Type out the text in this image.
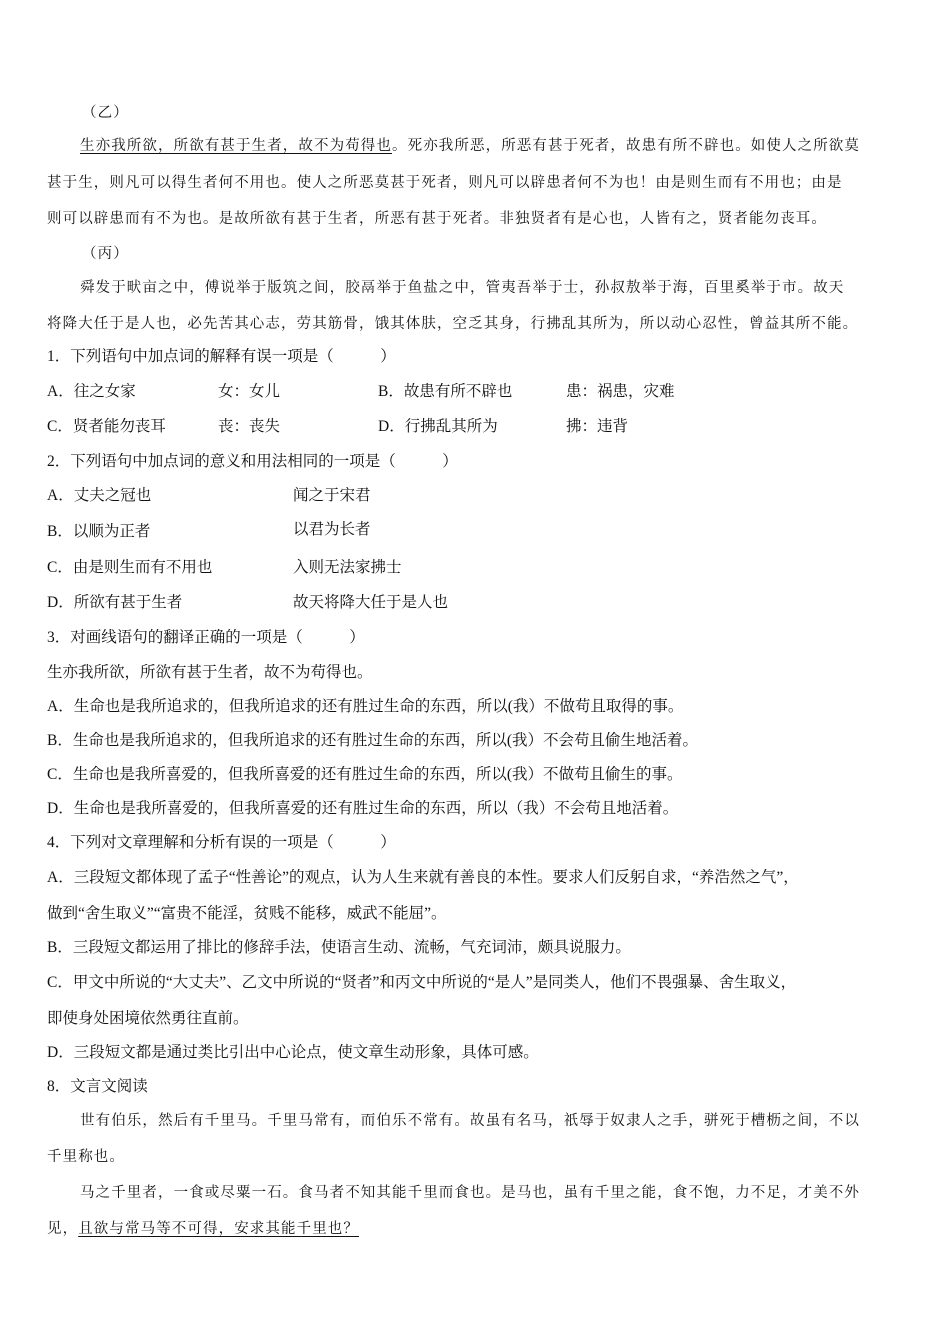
（乙）
生亦我所欲，所欲有甚于生者，故不为苟得也。死亦我所恶，所恶有甚于死者，故患有所不辟也。如使人之所欲莫
甚于生，则凡可以得生者何不用也。使人之所恶莫甚于死者，则凡可以辟患者何不为也！由是则生而有不用也；由是
则可以辟患而有不为也。是故所欲有甚于生者，所恶有甚于死者。非独贤者有是心也，人皆有之，贤者能勿丧耳。
（丙）
舜发于畎亩之中，傅说举于版筑之间，胶鬲举于鱼盐之中，管夷吾举于士，孙叔敖举于海，百里奚举于市。故天
将降大任于是人也，必先苦其心志，劳其筋骨，饿其体肤，空乏其身，行拂乱其所为，所以动心忍性，曾益其所不能。
1．下列语句中加点词的解释有误一项是（　　　）
A．往之女家	女：女儿	B．故患有所不辟也	患：祸患，灾难
C．贤者能勿丧耳	丧：丧失	D．行拂乱其所为	拂：违背
2．下列语句中加点词的意义和用法相同的一项是（　　　）
A．丈夫之冠也	闻之于宋君
B．以顺为正者	以君为长者
C．由是则生而有不用也	入则无法家拂士
D．所欲有甚于生者	故天将降大任于是人也
3．对画线语句的翻译正确的一项是（　　　）
生亦我所欲，所欲有甚于生者，故不为苟得也。
A．生命也是我所追求的，但我所追求的还有胜过生命的东西，所以(我）不做苟且取得的事。
B．生命也是我所追求的，但我所追求的还有胜过生命的东西，所以(我）不会苟且偷生地活着。
C．生命也是我所喜爱的，但我所喜爱的还有胜过生命的东西，所以(我）不做苟且偷生的事。
D．生命也是我所喜爱的，但我所喜爱的还有胜过生命的东西，所以（我）不会苟且地活着。
4．下列对文章理解和分析有误的一项是（　　　）
A．三段短文都体现了孟子“性善论”的观点，认为人生来就有善良的本性。要求人们反躬自求，“养浩然之气”，
做到“舍生取义”“富贵不能淫，贫贱不能移，威武不能屈”。
B．三段短文都运用了排比的修辞手法，使语言生动、流畅，气充词沛，颇具说服力。
C．甲文中所说的“大丈夫”、乙文中所说的“贤者”和丙文中所说的“是人”是同类人，他们不畏强暴、舍生取义，
即使身处困境依然勇往直前。
D．三段短文都是通过类比引出中心论点，使文章生动形象，具体可感。
8．文言文阅读
世有伯乐，然后有千里马。千里马常有，而伯乐不常有。故虽有名马，祇辱于奴隶人之手，骈死于槽枥之间，不以
千里称也。
马之千里者，一食或尽粟一石。食马者不知其能千里而食也。是马也，虽有千里之能，食不饱，力不足，才美不外
见，且欲与常马等不可得，安求其能千里也？
